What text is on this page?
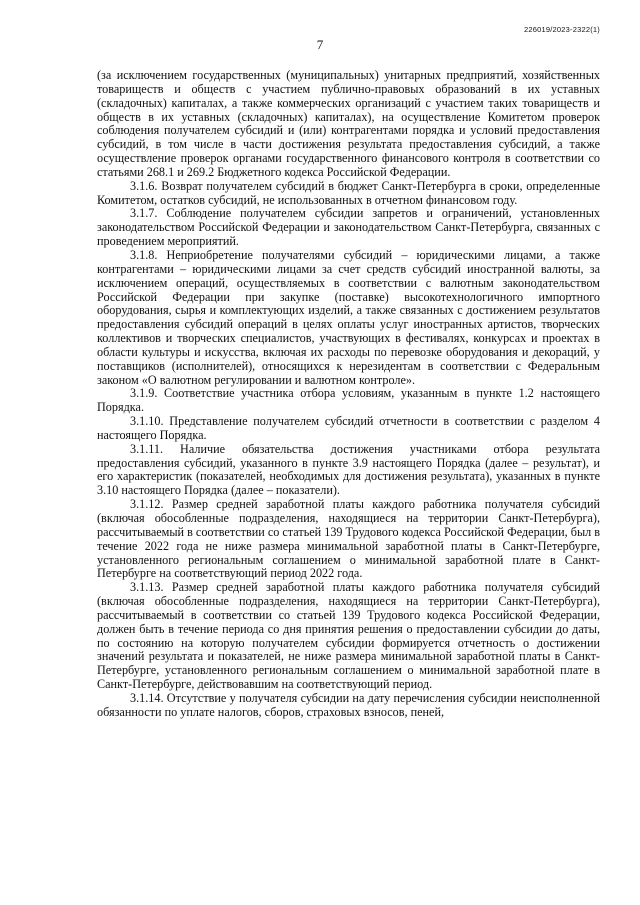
226019/2023-2322(1)
7

(за исключением государственных (муниципальных) унитарных предприятий, хозяйственных товариществ и обществ с участием публично-правовых образований в их уставных (складочных) капиталах, а также коммерческих организаций с участием таких товариществ и обществ в их уставных (складочных) капиталах), на осуществление Комитетом проверок соблюдения получателем субсидий и (или) контрагентами порядка и условий предоставления субсидий, в том числе в части достижения результата предоставления субсидий, а также осуществление проверок органами государственного финансового контроля в соответствии со статьями 268.1 и 269.2 Бюджетного кодекса Российской Федерации.

3.1.6. Возврат получателем субсидий в бюджет Санкт-Петербурга в сроки, определенные Комитетом, остатков субсидий, не использованных в отчетном финансовом году.

3.1.7. Соблюдение получателем субсидии запретов и ограничений, установленных законодательством Российской Федерации и законодательством Санкт-Петербурга, связанных с проведением мероприятий.

3.1.8. Неприобретение получателями субсидий – юридическими лицами, а также контрагентами – юридическими лицами за счет средств субсидий иностранной валюты, за исключением операций, осуществляемых в соответствии с валютным законодательством Российской Федерации при закупке (поставке) высокотехнологичного импортного оборудования, сырья и комплектующих изделий, а также связанных с достижением результатов предоставления субсидий операций в целях оплаты услуг иностранных артистов, творческих коллективов и творческих специалистов, участвующих в фестивалях, конкурсах и проектах в области культуры и искусства, включая их расходы по перевозке оборудования и декораций, у поставщиков (исполнителей), относящихся к нерезидентам в соответствии с Федеральным законом «О валютном регулировании и валютном контроле».

3.1.9. Соответствие участника отбора условиям, указанным в пункте 1.2 настоящего Порядка.

3.1.10. Представление получателем субсидий отчетности в соответствии с разделом 4 настоящего Порядка.

3.1.11. Наличие обязательства достижения участниками отбора результата предоставления субсидий, указанного в пункте 3.9 настоящего Порядка (далее – результат), и его характеристик (показателей, необходимых для достижения результата), указанных в пункте 3.10 настоящего Порядка (далее – показатели).

3.1.12. Размер средней заработной платы каждого работника получателя субсидий (включая обособленные подразделения, находящиеся на территории Санкт-Петербурга), рассчитываемый в соответствии со статьей 139 Трудового кодекса Российской Федерации, был в течение 2022 года не ниже размера минимальной заработной платы в Санкт-Петербурге, установленного региональным соглашением о минимальной заработной плате в Санкт-Петербурге на соответствующий период 2022 года.

3.1.13. Размер средней заработной платы каждого работника получателя субсидий (включая обособленные подразделения, находящиеся на территории Санкт-Петербурга), рассчитываемый в соответствии со статьей 139 Трудового кодекса Российской Федерации, должен быть в течение периода со дня принятия решения о предоставлении субсидии до даты, по состоянию на которую получателем субсидии формируется отчетность о достижении значений результата и показателей, не ниже размера минимальной заработной платы в Санкт-Петербурге, установленного региональным соглашением о минимальной заработной плате в Санкт-Петербурге, действовавшим на соответствующий период.

3.1.14. Отсутствие у получателя субсидии на дату перечисления субсидии неисполненной обязанности по уплате налогов, сборов, страховых взносов, пеней,
